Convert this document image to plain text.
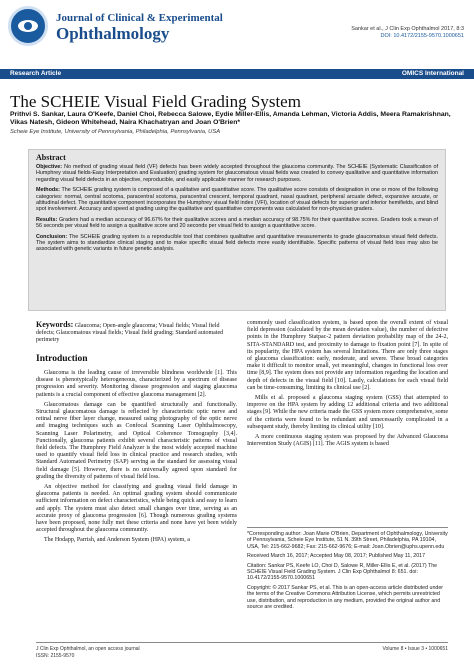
Journal of Clinical & Experimental
Ophthalmology	Sankar et al., J Clin Exp Ophthalmol 2017, 8:3
DOI: 10.4172/2155-9570.1000651
Research Article	OMICS International
The SCHEIE Visual Field Grading System
Prithvi S. Sankar, Laura O'Keefe, Daniel Choi, Rebecca Salowe, Eydie Miller-Ellis, Amanda Lehman, Victoria Addis, Meera Ramakrishnan, Vikas Natesh, Gideon Whitehead, Naira Khachatryan and Joan O'Brien*
Scheie Eye Institute, University of Pennsylvania, Philadelphia, Pennsylvania, USA
Abstract

Objective: No method of grading visual field (VF) defects has been widely accepted throughout the glaucoma community. The SCHEIE (Systematic Classification of Humphrey visual fields-Easy Interpretation and Evaluation) grading system for glaucomatous visual fields was created to convey qualitative and quantitative information regarding visual field defects in an objective, reproducible, and easily applicable manner for research purposes.

Methods: The SCHEIE grading system is composed of a qualitative and quantitative score. The qualitative score consists of designation in one or more of the following categories: normal, central scotoma, paracentral scotoma, paracentral crescent, temporal quadrant, nasal quadrant, peripheral arcuate defect, expansive arcuate, or altitudinal defect. The quantitative component incorporates the Humphrey visual field index (VFI), location of visual defects for superior and inferior hemifields, and blind spot involvement. Accuracy and speed at grading using the qualitative and quantitative components was calculated for non-physician graders.

Results: Graders had a median accuracy of 96.67% for their qualitative scores and a median accuracy of 98.75% for their quantitative scores. Graders took a mean of 56 seconds per visual field to assign a qualitative score and 20 seconds per visual field to assign a quantitative score.

Conclusion: The SCHEIE grading system is a reproducible tool that combines qualitative and quantitative measurements to grade glaucomatous visual field defects. The system aims to standardize clinical staging and to make specific visual field defects more easily identifiable. Specific patterns of visual field loss may also be associated with genetic variants in future genetic analysis.

Keywords: Glaucoma; Open-angle glaucoma; Visual fields; Visual field defects; Glaucomatous visual fields; Visual field grading; Standard automated perimetry
Introduction

Glaucoma is the leading cause of irreversible blindness worldwide [1]. This disease is phenotypically heterogeneous, characterized by a spectrum of disease progression and severity. Monitoring disease progression and staging glaucoma patients is a crucial component of effective glaucoma management [2].

Glaucomatous damage can be quantified structurally and functionally. Structural glaucomatous damage is reflected by characteristic optic nerve and retinal nerve fiber layer change, measured using photography of the optic nerve and imaging techniques such as Confocal Scanning Laser Ophthalmoscopy, Scanning Laser Polarimetry, and Optical Coherence Tomography [3,4]. Functionally, glaucoma patients exhibit several characteristic patterns of visual field defects. The Humphrey Field Analyzer is the most widely accepted machine used to quantify visual field loss in clinical practice and research studies, with Standard Automated Perimetry (SAP) serving as the standard for assessing visual field damage [5]. However, there is no universally agreed upon standard for grading the diversity of patterns of visual field loss.

An objective method for classifying and grading visual field damage in glaucoma patients is needed. An optimal grading system should communicate sufficient information on defect characteristics, while being quick and easy to learn and apply. The system must also detect small changes over time, serving as an accurate proxy of glaucoma progression [6]. Though numerous grading systems have been proposed, none fully met these criteria and none have yet been widely accepted throughout the glaucoma community.

The Hodapp, Parrish, and Anderson System (HPA) system, a

commonly used classification system, is based upon the overall extent of visual field depression (calculated by the mean deviation value), the number of defective points in the Humphrey Statpac-2 pattern deviation probability map of the 24-2, SITA-STANDARD test, and proximity to damage to fixation point [7]. In spite of its popularity, the HPA system has several limitations. There are only three stages of glaucoma classification: early, moderate, and severe. These broad categories make it difficult to monitor small, yet meaningful, changes in functional loss over time [8,9]. The system does not provide any information regarding the location and depth of defects in the visual field [10]. Lastly, calculations for each visual field can be time-consuming, limiting its clinical use [2].

Mills et al. proposed a glaucoma staging system (GSS) that attempted to improve on the HPA system by adding 12 additional criteria and two additional stages [9]. While the new criteria made the GSS system more comprehensive, some of the criteria were found to be redundant and unnecessarily complicated in a subsequent study, thereby limiting its clinical utility [10].

A more continuous staging system was proposed by the Advanced Glaucoma Intervention Study (AGIS) [11]. The AGIS system is based

*Corresponding author: Joan Marie O'Brien, Department of Ophthalmology, University of Pennsylvania, Scheie Eye Institute, 51 N. 39th Street, Philadelphia, PA 19104, USA, Tel: 215-662-9682; Fax: 215-662-9676; E-mail: Joan.Obrien@uphs.upenn.edu

Received March 16, 2017; Accepted May 08, 2017; Published May 11, 2017

Citation: Sankar PS, Keefe LO, Choi D, Salowe R, Miller-Ellis E, et al. (2017) The SCHEIE Visual Field Grading System. J Clin Exp Ophthalmol 8: 651. doi: 10.4172/2155-9570.1000651

Copyright: © 2017 Sankar PS, et al. This is an open-access article distributed under the terms of the Creative Commons Attribution License, which permits unrestricted use, distribution, and reproduction in any medium, provided the original author and source are credited.

J Clin Exp Ophthalmol, an open access journal
ISSN: 2155-9570
Volume 8 • Issue 3 • 1000651
